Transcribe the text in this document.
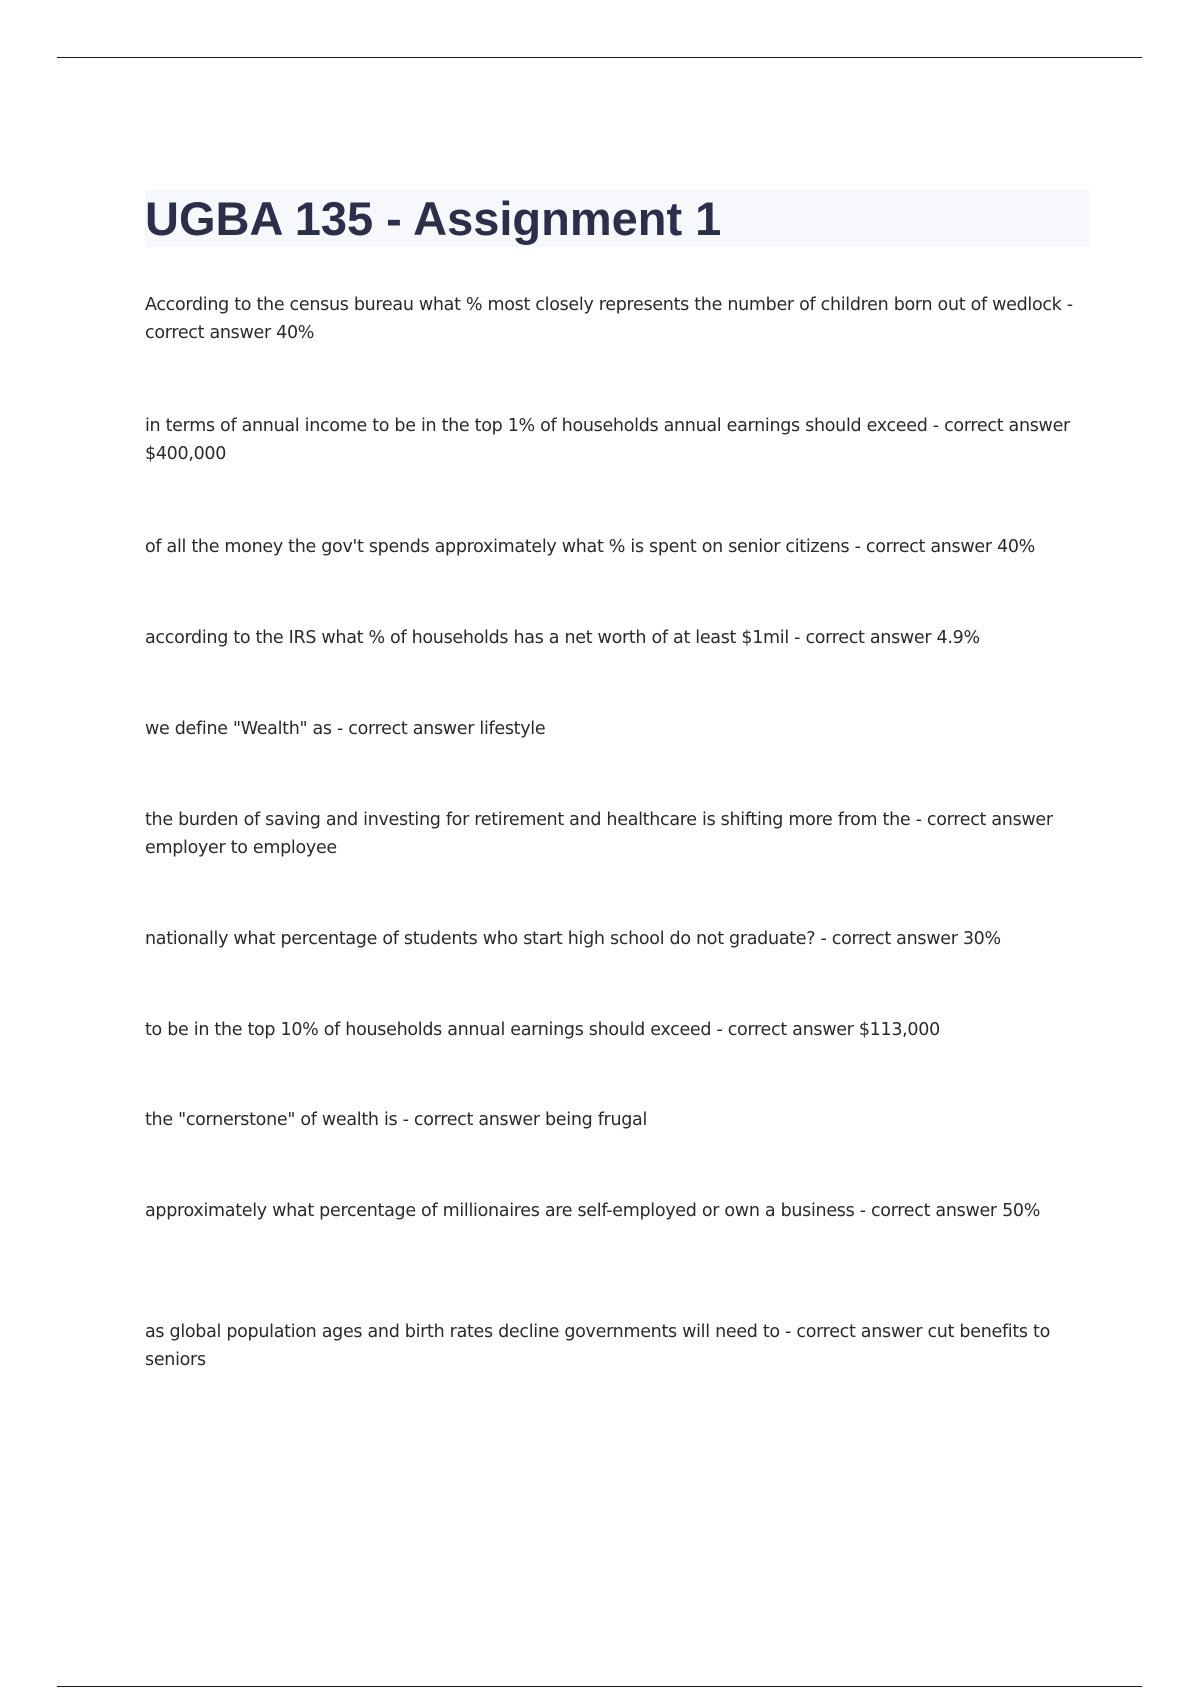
UGBA 135 - Assignment 1

According to the census bureau what % most closely represents the number of children born out of wedlock - correct answer 40%

in terms of annual income to be in the top 1% of households annual earnings should exceed - correct answer $400,000

of all the money the gov't spends approximately what % is spent on senior citizens - correct answer 40%

according to the IRS what % of households has a net worth of at least $1mil - correct answer 4.9%

we define "Wealth" as - correct answer lifestyle

the burden of saving and investing for retirement and healthcare is shifting more from the - correct answer employer to employee

nationally what percentage of students who start high school do not graduate? - correct answer 30%

to be in the top 10% of households annual earnings should exceed - correct answer $113,000

the "cornerstone" of wealth is - correct answer being frugal

approximately what percentage of millionaires are self-employed or own a business - correct answer 50%

as global population ages and birth rates decline governments will need to - correct answer cut benefits to seniors
